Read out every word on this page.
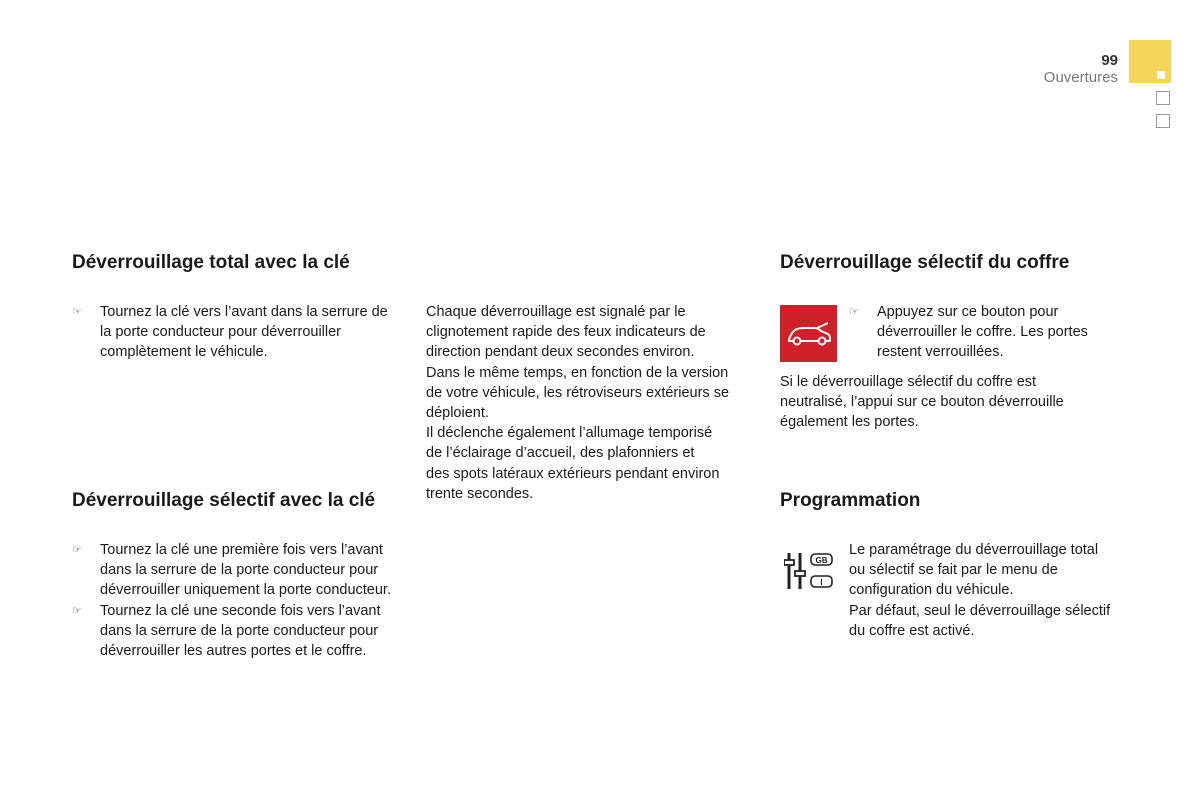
99
Ouvertures
Déverrouillage total avec la clé
☞ Tournez la clé vers l’avant dans la serrure de la porte conducteur pour déverrouiller complètement le véhicule.
Déverrouillage sélectif avec la clé
☞ Tournez la clé une première fois vers l’avant dans la serrure de la porte conducteur pour déverrouiller uniquement la porte conducteur.
☞ Tournez la clé une seconde fois vers l’avant dans la serrure de la porte conducteur pour déverrouiller les autres portes et le coffre.
Chaque déverrouillage est signalé par le
clignotement rapide des feux indicateurs de
direction pendant deux secondes environ.
Dans le même temps, en fonction de la version
de votre véhicule, les rétroviseurs extérieurs se
déploient.
Il déclenche également l’allumage temporisé
de l’éclairage d’accueil, des plafonniers et
des spots latéraux extérieurs pendant environ
trente secondes.
Déverrouillage sélectif du coffre
☞ Appuyez sur ce bouton pour déverrouiller le coffre. Les portes restent verrouillées.

Si le déverrouillage sélectif du coffre est neutralisé, l’appui sur ce bouton déverrouille également les portes.

Programmation
GB
I

Le paramétrage du déverrouillage total ou sélectif se fait par le menu de configuration du véhicule.

Par défaut, seul le déverrouillage sélectif du coffre est activé.
